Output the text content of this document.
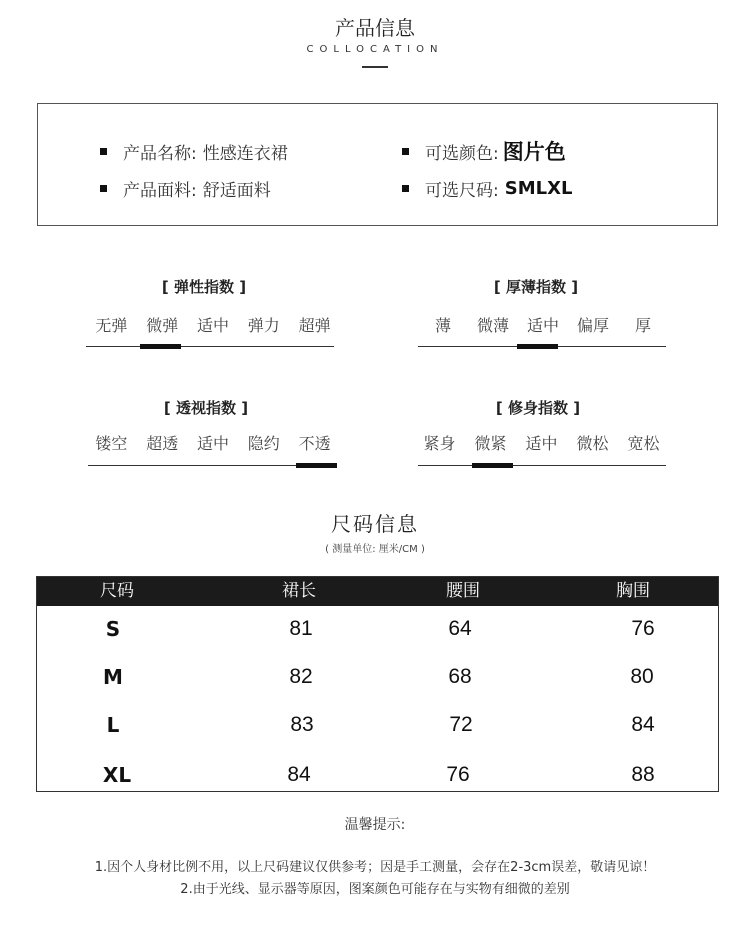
产品信息
COLLOCATION
产品名称: 性感连衣裙
产品面料: 舒适面料
可选颜色: 图片色
可选尺码: SMLXL
[ 弹性指数 ]
无弹	微弹	适中	弹力	超弹
[ 厚薄指数 ]
薄	微薄	适中	偏厚	厚
[ 透视指数 ]
镂空	超透	适中	隐约	不透
[ 修身指数 ]
紧身	微紧	适中	微松	宽松
尺码信息
( 测量单位: 厘米/CM )
尺码	裙长	腰围	胸围
S	81	64	76
M	82	68	80
L	83	72	84
XL	84	76	88
温馨提示:
1.因个人身材比例不用，以上尺码建议仅供参考；因是手工测量，会存在2-3cm误差，敬请见谅！
2.由于光线、显示器等原因，图案颜色可能存在与实物有细微的差别
